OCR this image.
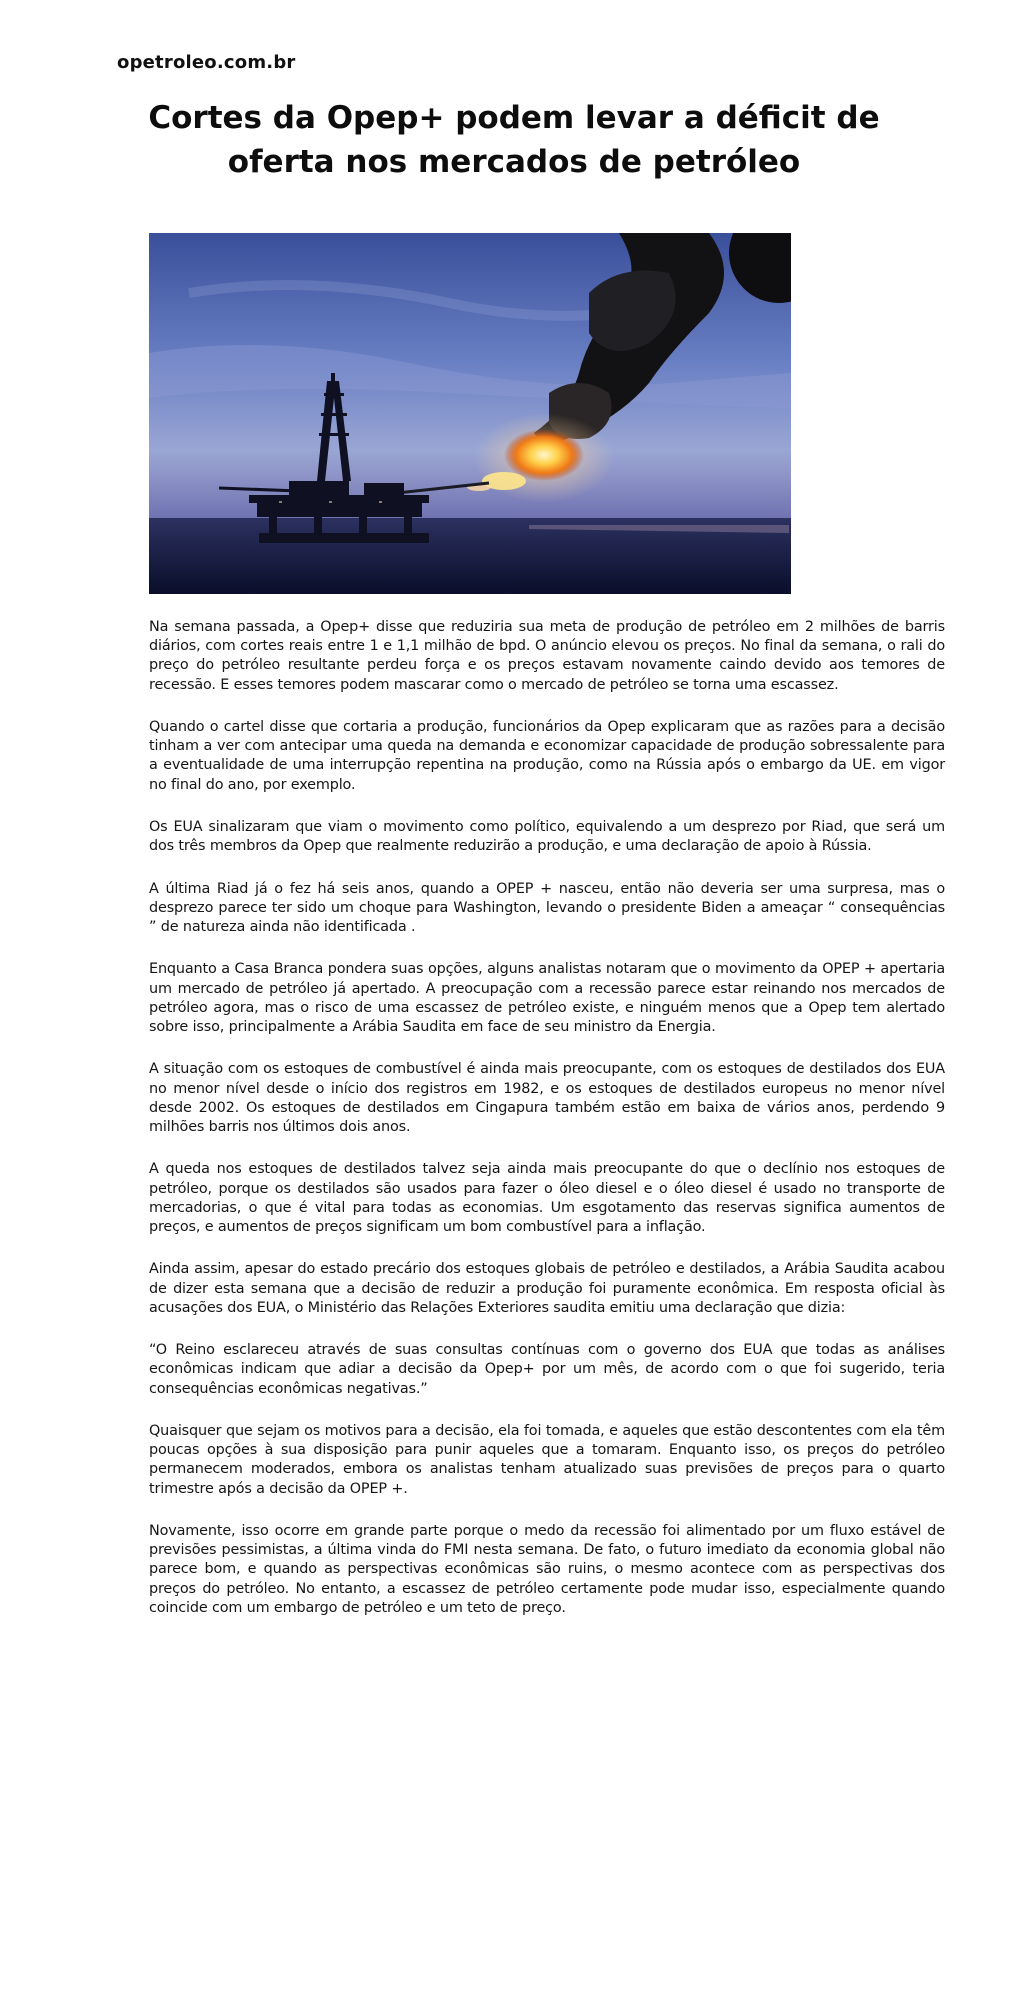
opetroleo.com.br
Cortes da Opep+ podem levar a déficit de oferta nos mercados de petróleo

Na semana passada, a Opep+ disse que reduziria sua meta de produção de petróleo em 2 milhões de barris diários, com cortes reais entre 1 e 1,1 milhão de bpd. O anúncio elevou os preços. No final da semana, o rali do preço do petróleo resultante perdeu força e os preços estavam novamente caindo devido aos temores de recessão. E esses temores podem mascarar como o mercado de petróleo se torna uma escassez.

Quando o cartel disse que cortaria a produção, funcionários da Opep explicaram que as razões para a decisão tinham a ver com antecipar uma queda na demanda e economizar capacidade de produção sobressalente para a eventualidade de uma interrupção repentina na produção, como na Rússia após o embargo da UE. em vigor no final do ano, por exemplo.

Os EUA sinalizaram que viam o movimento como político, equivalendo a um desprezo por Riad, que será um dos três membros da Opep que realmente reduzirão a produção, e uma declaração de apoio à Rússia.

A última Riad já o fez há seis anos, quando a OPEP + nasceu, então não deveria ser uma surpresa, mas o desprezo parece ter sido um choque para Washington, levando o presidente Biden a ameaçar “ consequências ” de natureza ainda não identificada .

Enquanto a Casa Branca pondera suas opções, alguns analistas notaram que o movimento da OPEP + apertaria um mercado de petróleo já apertado. A preocupação com a recessão parece estar reinando nos mercados de petróleo agora, mas o risco de uma escassez de petróleo existe, e ninguém menos que a Opep tem alertado sobre isso, principalmente a Arábia Saudita em face de seu ministro da Energia.

A situação com os estoques de combustível é ainda mais preocupante, com os estoques de destilados dos EUA no menor nível desde o início dos registros em 1982, e os estoques de destilados europeus no menor nível desde 2002. Os estoques de destilados em Cingapura também estão em baixa de vários anos, perdendo 9 milhões barris nos últimos dois anos.

A queda nos estoques de destilados talvez seja ainda mais preocupante do que o declínio nos estoques de petróleo, porque os destilados são usados para fazer o óleo diesel e o óleo diesel é usado no transporte de mercadorias, o que é vital para todas as economias. Um esgotamento das reservas significa aumentos de preços, e aumentos de preços significam um bom combustível para a inflação.

Ainda assim, apesar do estado precário dos estoques globais de petróleo e destilados, a Arábia Saudita acabou de dizer esta semana que a decisão de reduzir a produção foi puramente econômica. Em resposta oficial às acusações dos EUA, o Ministério das Relações Exteriores saudita emitiu uma declaração que dizia:

“O Reino esclareceu através de suas consultas contínuas com o governo dos EUA que todas as análises econômicas indicam que adiar a decisão da Opep+ por um mês, de acordo com o que foi sugerido, teria consequências econômicas negativas.”

Quaisquer que sejam os motivos para a decisão, ela foi tomada, e aqueles que estão descontentes com ela têm poucas opções à sua disposição para punir aqueles que a tomaram. Enquanto isso, os preços do petróleo permanecem moderados, embora os analistas tenham atualizado suas previsões de preços para o quarto trimestre após a decisão da OPEP +.

Novamente, isso ocorre em grande parte porque o medo da recessão foi alimentado por um fluxo estável de previsões pessimistas, a última vinda do FMI nesta semana. De fato, o futuro imediato da economia global não parece bom, e quando as perspectivas econômicas são ruins, o mesmo acontece com as perspectivas dos preços do petróleo. No entanto, a escassez de petróleo certamente pode mudar isso, especialmente quando coincide com um embargo de petróleo e um teto de preço.
